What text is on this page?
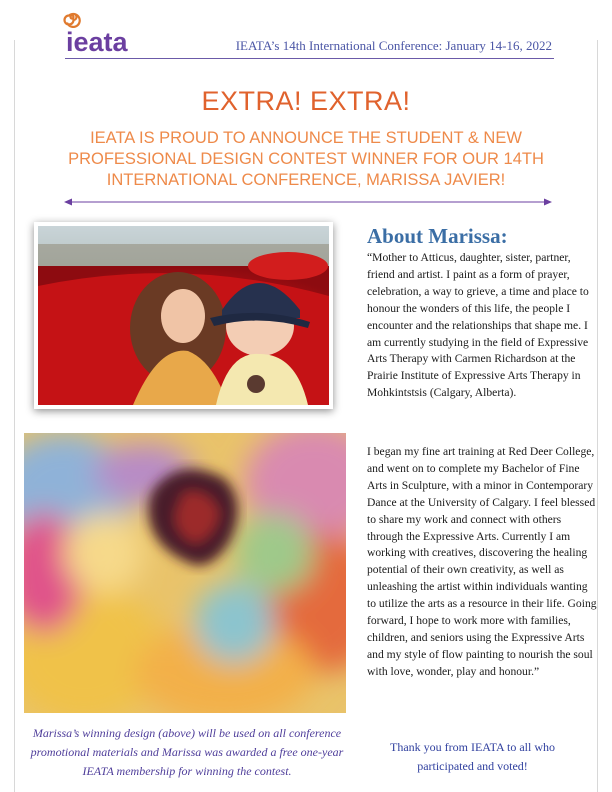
ieata	IEATA’s 14th International Conference: January 14-16, 2022
EXTRA! EXTRA!
IEATA IS PROUD TO ANNOUNCE THE STUDENT & NEW
PROFESSIONAL DESIGN CONTEST WINNER FOR OUR 14TH
INTERNATIONAL CONFERENCE, MARISSA JAVIER!
Marissa’s winning design (above) will be used on all conference promotional materials and Marissa was awarded a free one-year IEATA membership for winning the contest.
About Marissa:
“Mother to Atticus, daughter, sister, partner, friend and artist. I paint as a form of prayer, celebration, a way to grieve, a time and place to honour the wonders of this life, the people I encounter and the relationships that shape me. I am currently studying in the field of Expressive Arts Therapy with Carmen Richardson at the Prairie Institute of Expressive Arts Therapy in Mohkintstsis (Calgary, Alberta).
I began my fine art training at Red Deer College, and went on to complete my Bachelor of Fine Arts in Sculpture, with a minor in Contemporary Dance at the University of Calgary. I feel blessed to share my work and connect with others through the Expressive Arts. Currently I am working with creatives, discovering the healing potential of their own creativity, as well as unleashing the artist within individuals wanting to utilize the arts as a resource in their life. Going forward, I hope to work more with families, children, and seniors using the Expressive Arts and my style of flow painting to nourish the soul with love, wonder, play and honour.”
Thank you from IEATA to all who participated and voted!
